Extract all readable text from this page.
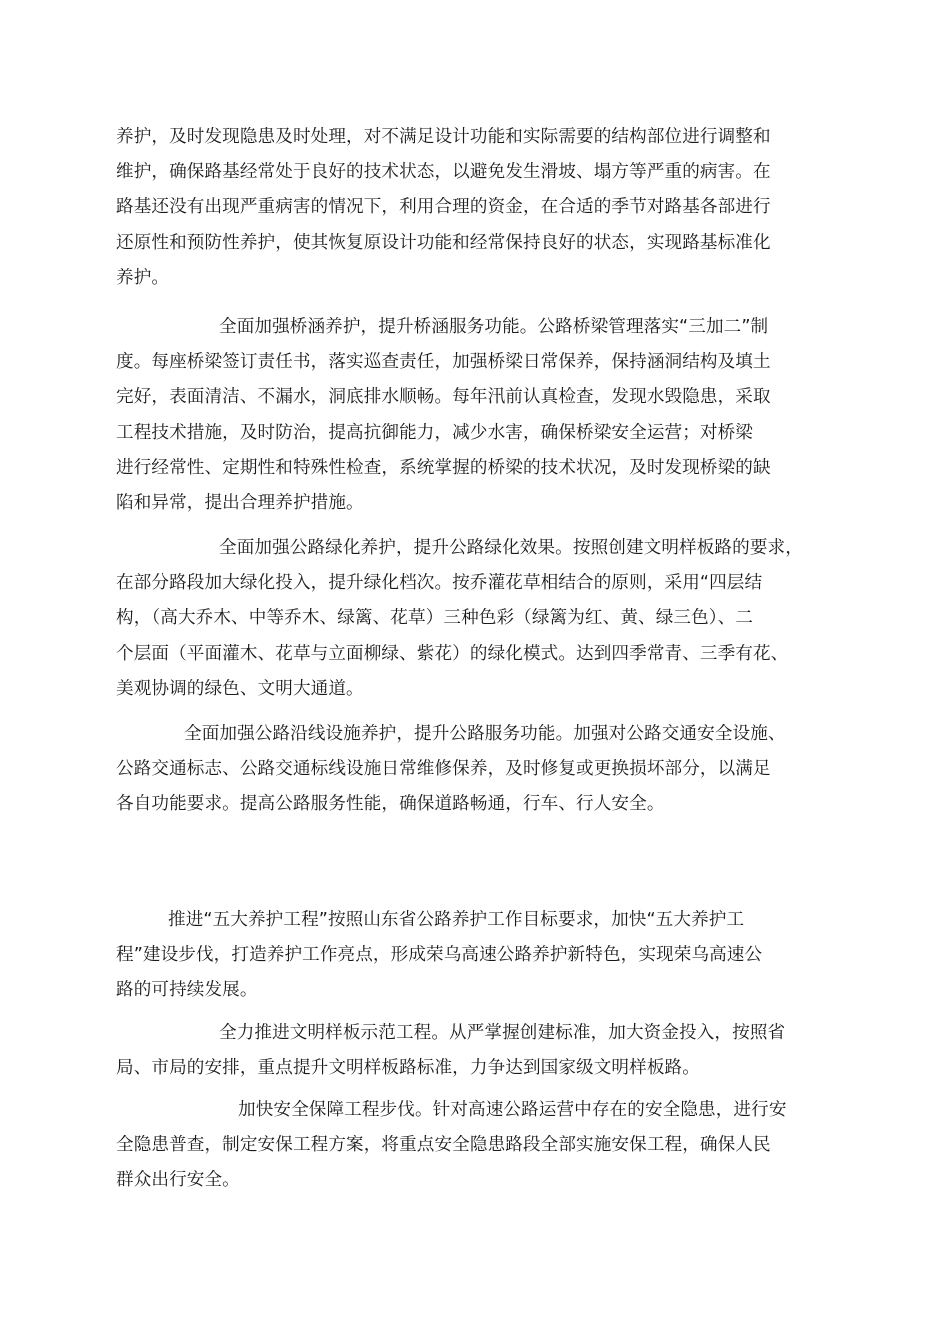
养护，及时发现隐患及时处理，对不满足设计功能和实际需要的结构部位进行调整和
维护，确保路基经常处于良好的技术状态，以避免发生滑坡、塌方等严重的病害。在
路基还没有出现严重病害的情况下，利用合理的资金，在合适的季节对路基各部进行
还原性和预防性养护，使其恢复原设计功能和经常保持良好的状态，实现路基标准化
养护。

全面加强桥涵养护，提升桥涵服务功能。公路桥梁管理落实“三加二”制
度。每座桥梁签订责任书，落实巡查责任，加强桥梁日常保养，保持涵洞结构及填土
完好，表面清洁、不漏水，洞底排水顺畅。每年汛前认真检查，发现水毁隐患，采取
工程技术措施，及时防治，提高抗御能力，减少水害，确保桥梁安全运营；对桥梁
进行经常性、定期性和特殊性检查，系统掌握的桥梁的技术状况，及时发现桥梁的缺
陷和异常，提出合理养护措施。

全面加强公路绿化养护，提升公路绿化效果。按照创建文明样板路的要求，
在部分路段加大绿化投入，提升绿化档次。按乔灌花草相结合的原则，采用“四层结
构，（高大乔木、中等乔木、绿篱、花草）三种色彩（绿篱为红、黄、绿三色）、二
个层面（平面灌木、花草与立面柳绿、紫花）的绿化模式。达到四季常青、三季有花、
美观协调的绿色、文明大通道。

全面加强公路沿线设施养护，提升公路服务功能。加强对公路交通安全设施、
公路交通标志、公路交通标线设施日常维修保养，及时修复或更换损坏部分，以满足
各自功能要求。提高公路服务性能，确保道路畅通，行车、行人安全。

推进“五大养护工程”按照山东省公路养护工作目标要求，加快“五大养护工
程”建设步伐，打造养护工作亮点，形成荣乌高速公路养护新特色，实现荣乌高速公
路的可持续发展。

全力推进文明样板示范工程。从严掌握创建标准，加大资金投入，按照省
局、市局的安排，重点提升文明样板路标准，力争达到国家级文明样板路。

加快安全保障工程步伐。针对高速公路运营中存在的安全隐患，进行安
全隐患普查，制定安保工程方案，将重点安全隐患路段全部实施安保工程，确保人民
群众出行安全。
